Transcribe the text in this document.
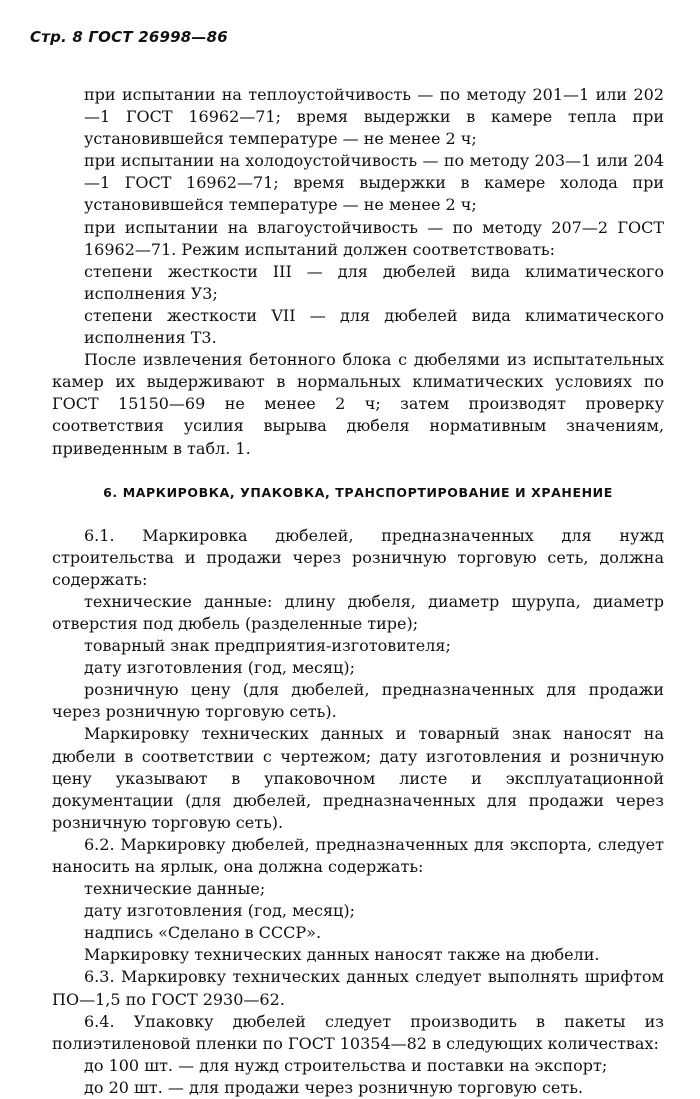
Стр. 8 ГОСТ 26998—86

при испытании на теплоустойчивость — по методу 201—1 или 202—1 ГОСТ 16962—71; время выдержки в камере тепла при установившейся температуре — не менее 2 ч;

при испытании на холодоустойчивость — по методу 203—1 или 204—1 ГОСТ 16962—71; время выдержки в камере холода при установившейся температуре — не менее 2 ч;

при испытании на влагоустойчивость — по методу 207—2 ГОСТ 16962—71. Режим испытаний должен соответствовать:

степени жесткости III — для дюбелей вида климатического исполнения У3;

степени жесткости VII — для дюбелей вида климатического исполнения Т3.

После извлечения бетонного блока с дюбелями из испытательных камер их выдерживают в нормальных климатических условиях по ГОСТ 15150—69 не менее 2 ч; затем производят проверку соответствия усилия вырыва дюбеля нормативным значениям, приведенным в табл. 1.

6. МАРКИРОВКА, УПАКОВКА, ТРАНСПОРТИРОВАНИЕ И ХРАНЕНИЕ

6.1. Маркировка дюбелей, предназначенных для нужд строительства и продажи через розничную торговую сеть, должна содержать:

технические данные: длину дюбеля, диаметр шурупа, диаметр отверстия под дюбель (разделенные тире);

товарный знак предприятия-изготовителя;

дату изготовления (год, месяц);

розничную цену (для дюбелей, предназначенных для продажи через розничную торговую сеть).

Маркировку технических данных и товарный знак наносят на дюбели в соответствии с чертежом; дату изготовления и розничную цену указывают в упаковочном листе и эксплуатационной документации (для дюбелей, предназначенных для продажи через розничную торговую сеть).

6.2. Маркировку дюбелей, предназначенных для экспорта, следует наносить на ярлык, она должна содержать:

технические данные;

дату изготовления (год, месяц);

надпись «Сделано в СССР».

Маркировку технических данных наносят также на дюбели.

6.3. Маркировку технических данных следует выполнять шрифтом ПО—1,5 по ГОСТ 2930—62.

6.4. Упаковку дюбелей следует производить в пакеты из полиэтиленовой пленки по ГОСТ 10354—82 в следующих количествах:

до 100 шт. — для нужд строительства и поставки на экспорт;

до 20 шт. — для продажи через розничную торговую сеть.
